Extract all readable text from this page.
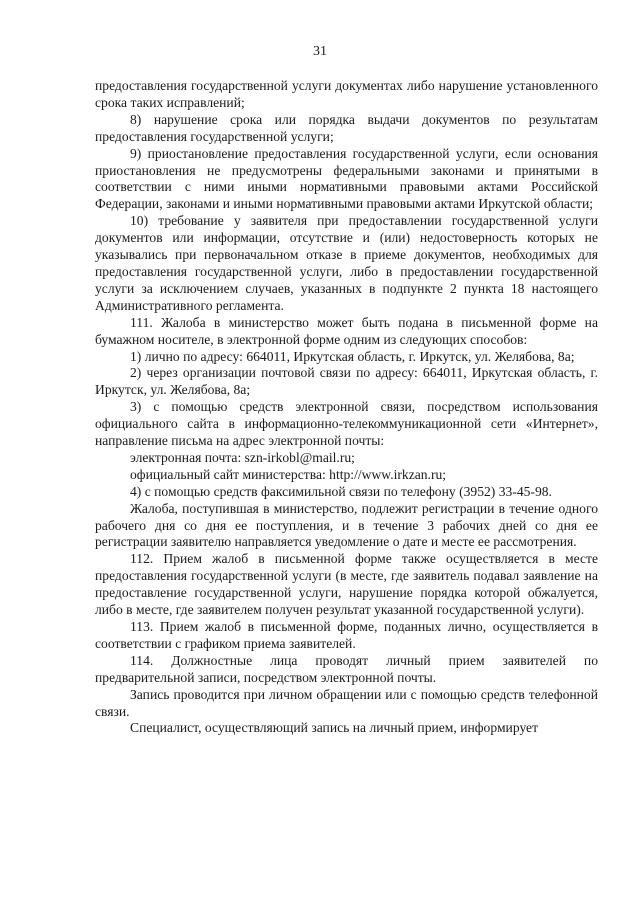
31

предоставления государственной услуги документах либо нарушение установленного срока таких исправлений;

8) нарушение срока или порядка выдачи документов по результатам предоставления государственной услуги;

9) приостановление предоставления государственной услуги, если основания приостановления не предусмотрены федеральными законами и принятыми в соответствии с ними иными нормативными правовыми актами Российской Федерации, законами и иными нормативными правовыми актами Иркутской области;

10) требование у заявителя при предоставлении государственной услуги документов или информации, отсутствие и (или) недостоверность которых не указывались при первоначальном отказе в приеме документов, необходимых для предоставления государственной услуги, либо в предоставлении государственной услуги за исключением случаев, указанных в подпункте 2 пункта 18 настоящего Административного регламента.

111. Жалоба в министерство может быть подана в письменной форме на бумажном носителе, в электронной форме одним из следующих способов:

1) лично по адресу: 664011, Иркутская область, г. Иркутск, ул. Желябова, 8а;

2) через организации почтовой связи по адресу: 664011, Иркутская область, г. Иркутск, ул. Желябова, 8а;

3) с помощью средств электронной связи, посредством использования официального сайта в информационно-телекоммуникационной сети «Интернет», направление письма на адрес электронной почты:

электронная почта: szn-irkobl@mail.ru;

официальный сайт министерства: http://www.irkzan.ru;

4) с помощью средств факсимильной связи по телефону (3952) 33-45-98.

Жалоба, поступившая в министерство, подлежит регистрации в течение одного рабочего дня со дня ее поступления, и в течение 3 рабочих дней со дня ее регистрации заявителю направляется уведомление о дате и месте ее рассмотрения.

112. Прием жалоб в письменной форме также осуществляется в месте предоставления государственной услуги (в месте, где заявитель подавал заявление на предоставление государственной услуги, нарушение порядка которой обжалуется, либо в месте, где заявителем получен результат указанной государственной услуги).

113. Прием жалоб в письменной форме, поданных лично, осуществляется в соответствии с графиком приема заявителей.

114. Должностные лица проводят личный прием заявителей по предварительной записи, посредством электронной почты.

Запись проводится при личном обращении или с помощью средств телефонной связи.

Специалист, осуществляющий запись на личный прием, информирует
